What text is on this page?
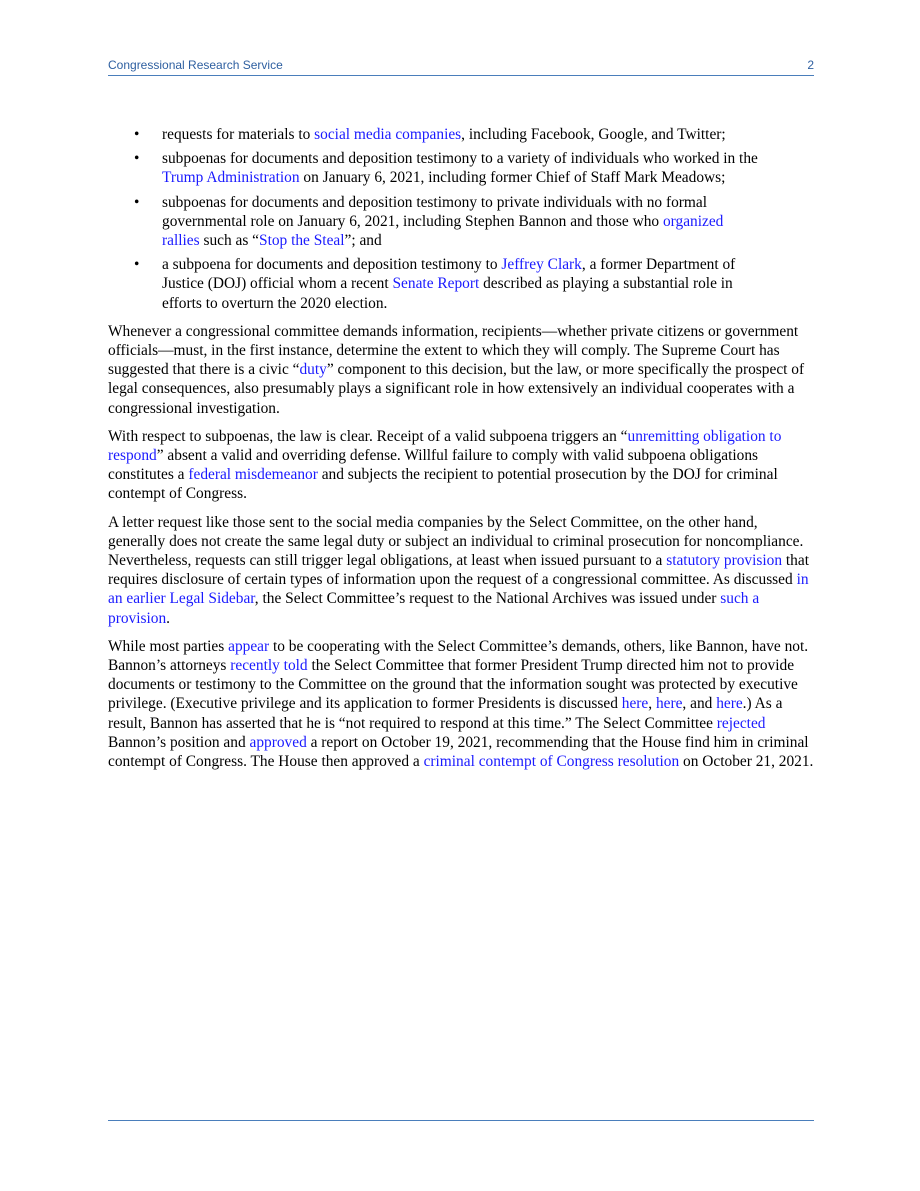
Congressional Research Service	2
• requests for materials to social media companies, including Facebook, Google, and Twitter;
• subpoenas for documents and deposition testimony to a variety of individuals who worked in the Trump Administration on January 6, 2021, including former Chief of Staff Mark Meadows;
• subpoenas for documents and deposition testimony to private individuals with no formal governmental role on January 6, 2021, including Stephen Bannon and those who organized rallies such as “Stop the Steal”; and
• a subpoena for documents and deposition testimony to Jeffrey Clark, a former Department of Justice (DOJ) official whom a recent Senate Report described as playing a substantial role in efforts to overturn the 2020 election.

Whenever a congressional committee demands information, recipients—whether private citizens or government officials—must, in the first instance, determine the extent to which they will comply. The Supreme Court has suggested that there is a civic “duty” component to this decision, but the law, or more specifically the prospect of legal consequences, also presumably plays a significant role in how extensively an individual cooperates with a congressional investigation.

With respect to subpoenas, the law is clear. Receipt of a valid subpoena triggers an “unremitting obligation to respond” absent a valid and overriding defense. Willful failure to comply with valid subpoena obligations constitutes a federal misdemeanor and subjects the recipient to potential prosecution by the DOJ for criminal contempt of Congress.

A letter request like those sent to the social media companies by the Select Committee, on the other hand, generally does not create the same legal duty or subject an individual to criminal prosecution for noncompliance. Nevertheless, requests can still trigger legal obligations, at least when issued pursuant to a statutory provision that requires disclosure of certain types of information upon the request of a congressional committee. As discussed in an earlier Legal Sidebar, the Select Committee’s request to the National Archives was issued under such a provision.

While most parties appear to be cooperating with the Select Committee’s demands, others, like Bannon, have not. Bannon’s attorneys recently told the Select Committee that former President Trump directed him not to provide documents or testimony to the Committee on the ground that the information sought was protected by executive privilege. (Executive privilege and its application to former Presidents is discussed here, here, and here.) As a result, Bannon has asserted that he is “not required to respond at this time.” The Select Committee rejected Bannon’s position and approved a report on October 19, 2021, recommending that the House find him in criminal contempt of Congress. The House then approved a criminal contempt of Congress resolution on October 21, 2021.
